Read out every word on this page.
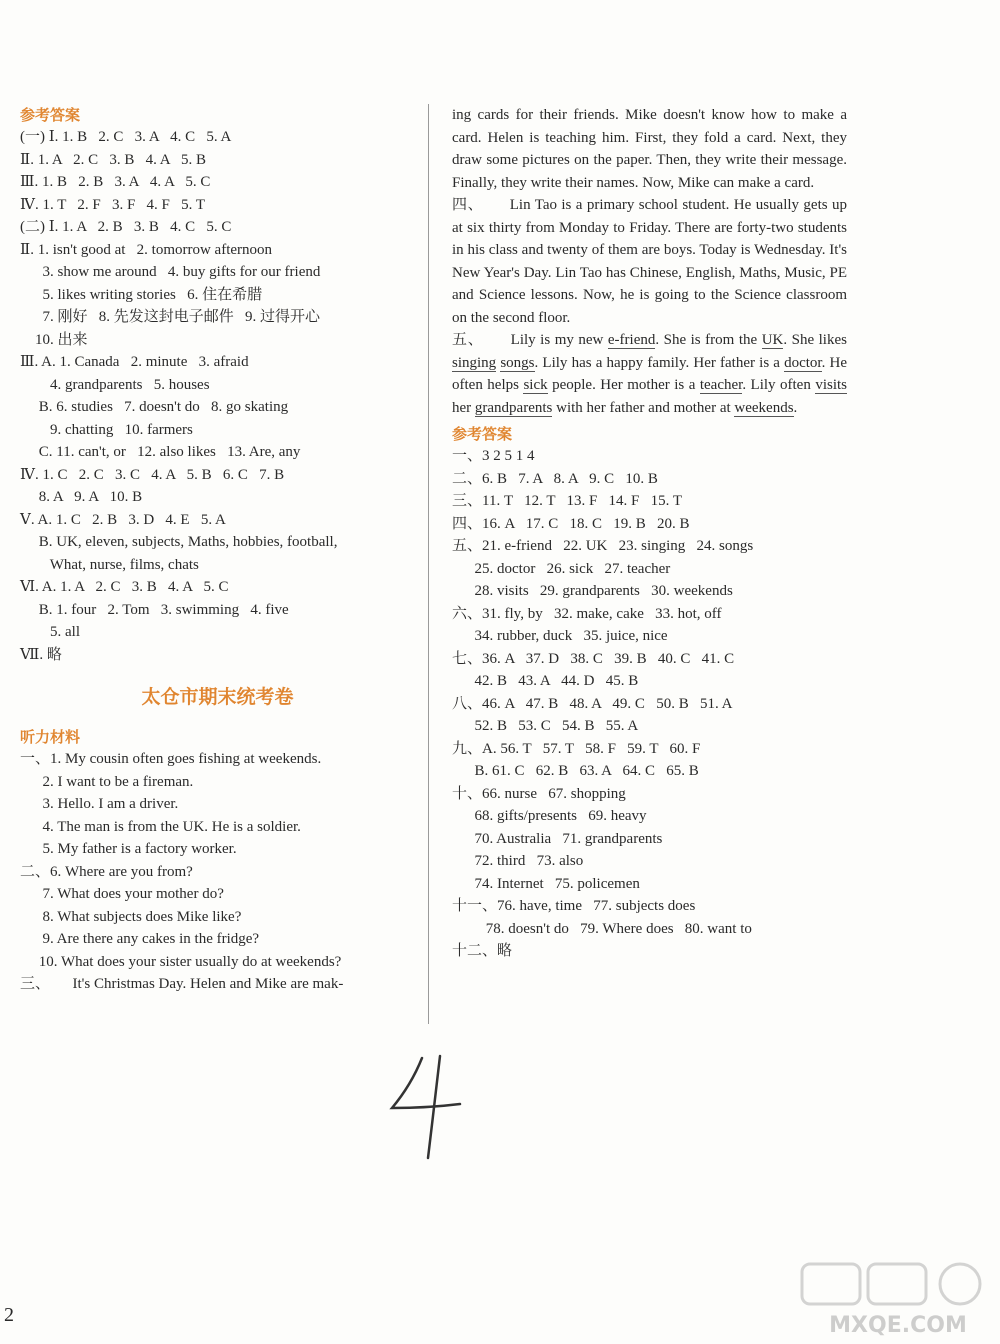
参考答案
(一) Ⅰ. 1. B   2. C   3. A   4. C   5. A
Ⅱ. 1. A   2. C   3. B   4. A   5. B
Ⅲ. 1. B   2. B   3. A   4. A   5. C
Ⅳ. 1. T   2. F   3. F   4. F   5. T
(二) Ⅰ. 1. A   2. B   3. B   4. C   5. C
Ⅱ. 1. isn't good at   2. tomorrow afternoon
3. show me around   4. buy gifts for our friend
5. likes writing stories   6. 住在希腊
7. 刚好   8. 先发这封电子邮件   9. 过得开心
10. 出来
Ⅲ. A. 1. Canada   2. minute   3. afraid
4. grandparents   5. houses
B. 6. studies   7. doesn't do   8. go skating
9. chatting   10. farmers
C. 11. can't, or   12. also likes   13. Are, any
Ⅳ. 1. C   2. C   3. C   4. A   5. B   6. C   7. B
8. A   9. A   10. B
Ⅴ. A. 1. C   2. B   3. D   4. E   5. A
B. UK, eleven, subjects, Maths, hobbies, football,
What, nurse, films, chats
Ⅵ. A. 1. A   2. C   3. B   4. A   5. C
B. 1. four   2. Tom   3. swimming   4. five
5. all
Ⅶ. 略
太仓市期末统考卷
听力材料
一、1. My cousin often goes fishing at weekends.
2. I want to be a fireman.
3. Hello. I am a driver.
4. The man is from the UK. He is a soldier.
5. My father is a factory worker.
二、6. Where are you from?
7. What does your mother do?
8. What subjects does Mike like?
9. Are there any cakes in the fridge?
10. What does your sister usually do at weekends?
三、      It's Christmas Day. Helen and Mike are mak-
ing cards for their friends. Mike doesn't know how to make a card. Helen is teaching him. First, they fold a card. Next, they draw some pictures on the paper. Then, they write their message. Finally, they write their names. Now, Mike can make a card.
四、 Lin Tao is a primary school student. He usually gets up at six thirty from Monday to Friday. There are forty-two students in his class and twenty of them are boys. Today is Wednesday. It's New Year's Day. Lin Tao has Chinese, English, Maths, Music, PE and Science lessons. Now, he is going to the Science classroom on the second floor.
五、 Lily is my new e-friend. She is from the UK. She likes singing songs. Lily has a happy family. Her father is a doctor. He often helps sick people. Her mother is a teacher. Lily often visits her grandparents with her father and mother at weekends.
参考答案
一、3 2 5 1 4
二、6. B   7. A   8. A   9. C   10. B
三、11. T   12. T   13. F   14. F   15. T
四、16. A   17. C   18. C   19. B   20. B
五、21. e-friend   22. UK   23. singing   24. songs
25. doctor   26. sick   27. teacher
28. visits   29. grandparents   30. weekends
六、31. fly, by   32. make, cake   33. hot, off
34. rubber, duck   35. juice, nice
七、36. A   37. D   38. C   39. B   40. C   41. C
42. B   43. A   44. D   45. B
八、46. A   47. B   48. A   49. C   50. B   51. A
52. B   53. C   54. B   55. A
九、A. 56. T   57. T   58. F   59. T   60. F
B. 61. C   62. B   63. A   64. C   65. B
十、66. nurse   67. shopping
68. gifts/presents   69. heavy
70. Australia   71. grandparents
72. third   73. also
74. Internet   75. policemen
十一、76. have, time   77. subjects does
78. doesn't do   79. Where does   80. want to
十二、略
2	MXQE.COM
